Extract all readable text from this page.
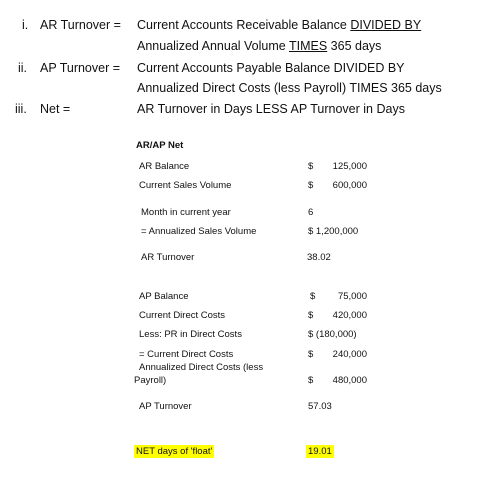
i. AR Turnover = Current Accounts Receivable Balance DIVIDED BY
Annualized Annual Volume TIMES 365 days
ii. AP Turnover = Current Accounts Payable Balance DIVIDED BY
Annualized Direct Costs (less Payroll) TIMES 365 days
iii. Net =	AR Turnover in Days LESS AP Turnover in Days
AR/AP Net
AR Balance	$	125,000
Current Sales Volume	$	600,000
Month in current year	6
= Annualized Sales Volume	$ 1,200,000
AR Turnover	38.02
AP Balance	$	75,000
Current Direct Costs	$	420,000
Less: PR in Direct Costs	$ (180,000)
= Current Direct Costs	$	240,000
Annualized Direct Costs (less
Payroll)	$	480,000
AP Turnover	57.03
NET days of 'float'	19.01
